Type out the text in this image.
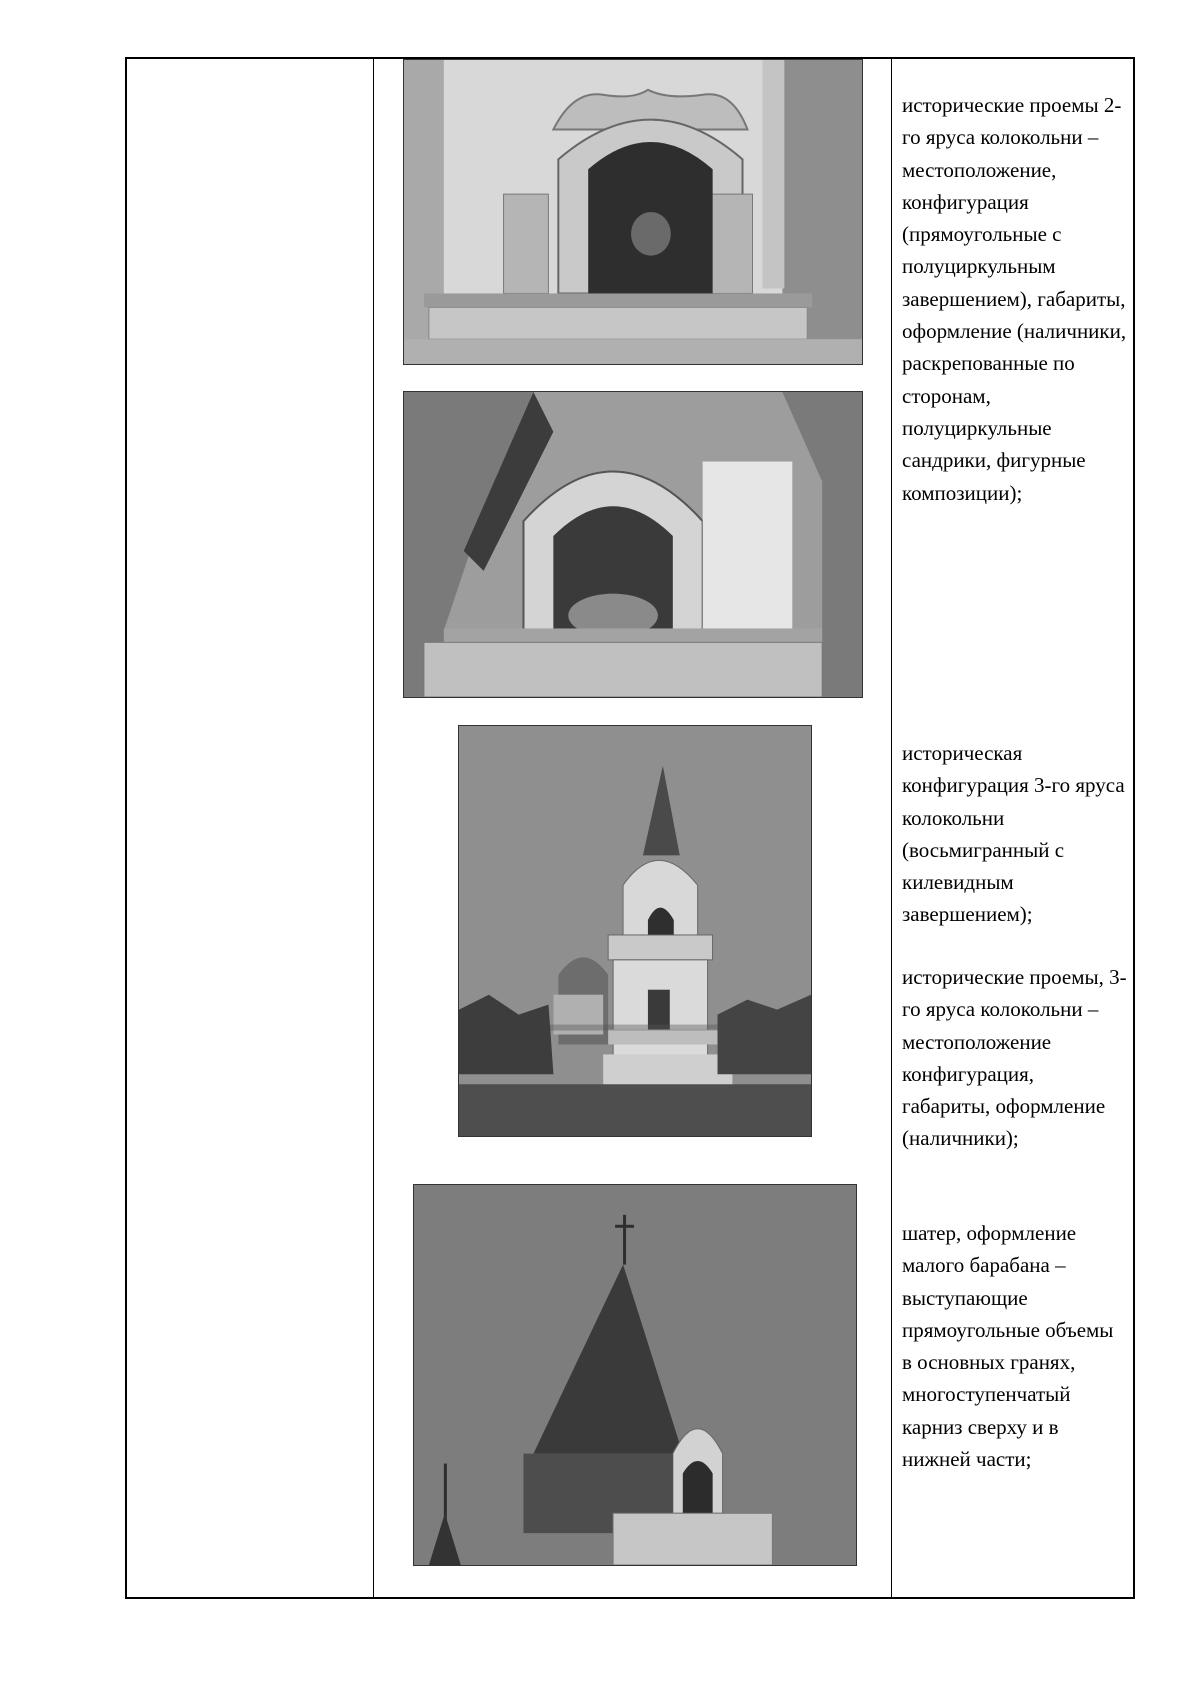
исторические проемы 2-го яруса колокольни – местоположение, конфигурация (прямоугольные с полуциркульным завершением), габариты, оформление (наличники, раскрепованные по сторонам, полуциркульные сандрики, фигурные композиции);
историческая конфигурация 3-го яруса колокольни (восьмигранный с килевидным завершением);
исторические проемы, 3-го яруса колокольни – местоположение конфигурация, габариты, оформление (наличники);
шатер, оформление малого барабана – выступающие прямоугольные объемы в основных гранях, многоступенчатый карниз сверху и в нижней части;
